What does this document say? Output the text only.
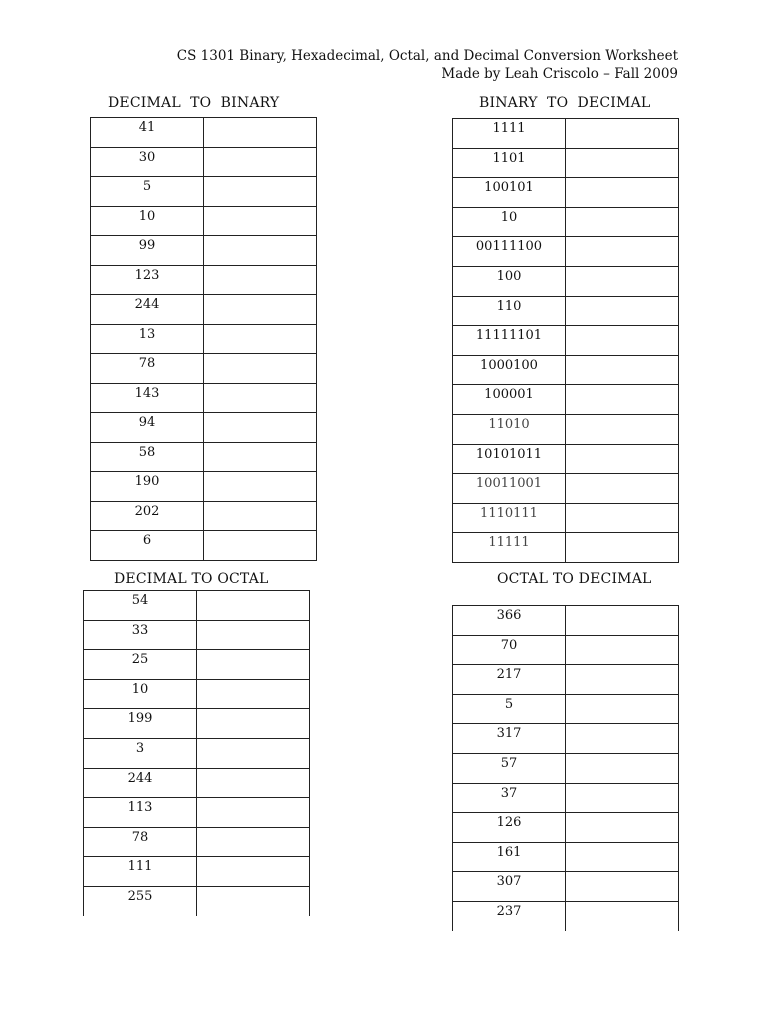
CS 1301 Binary, Hexadecimal, Octal, and Decimal Conversion Worksheet
Made by Leah Criscolo – Fall 2009
DECIMAL  TO  BINARY	BINARY  TO  DECIMAL
DECIMAL TO OCTAL	OCTAL TO DECIMAL
41	
30	
5	
10	
99	
123	
244	
13	
78	
143	
94	
58	
190	
202	
6	
1111	
1101	
100101	
10	
00111100	
100	
110	
11111101	
1000100	
100001	
11010	
10101011	
10011001	
1110111	
11111	
54	
33	
25	
10	
199	
3	
244	
113	
78	
111	
255	
366	
70	
217	
5	
317	
57	
37	
126	
161	
307	
237	
